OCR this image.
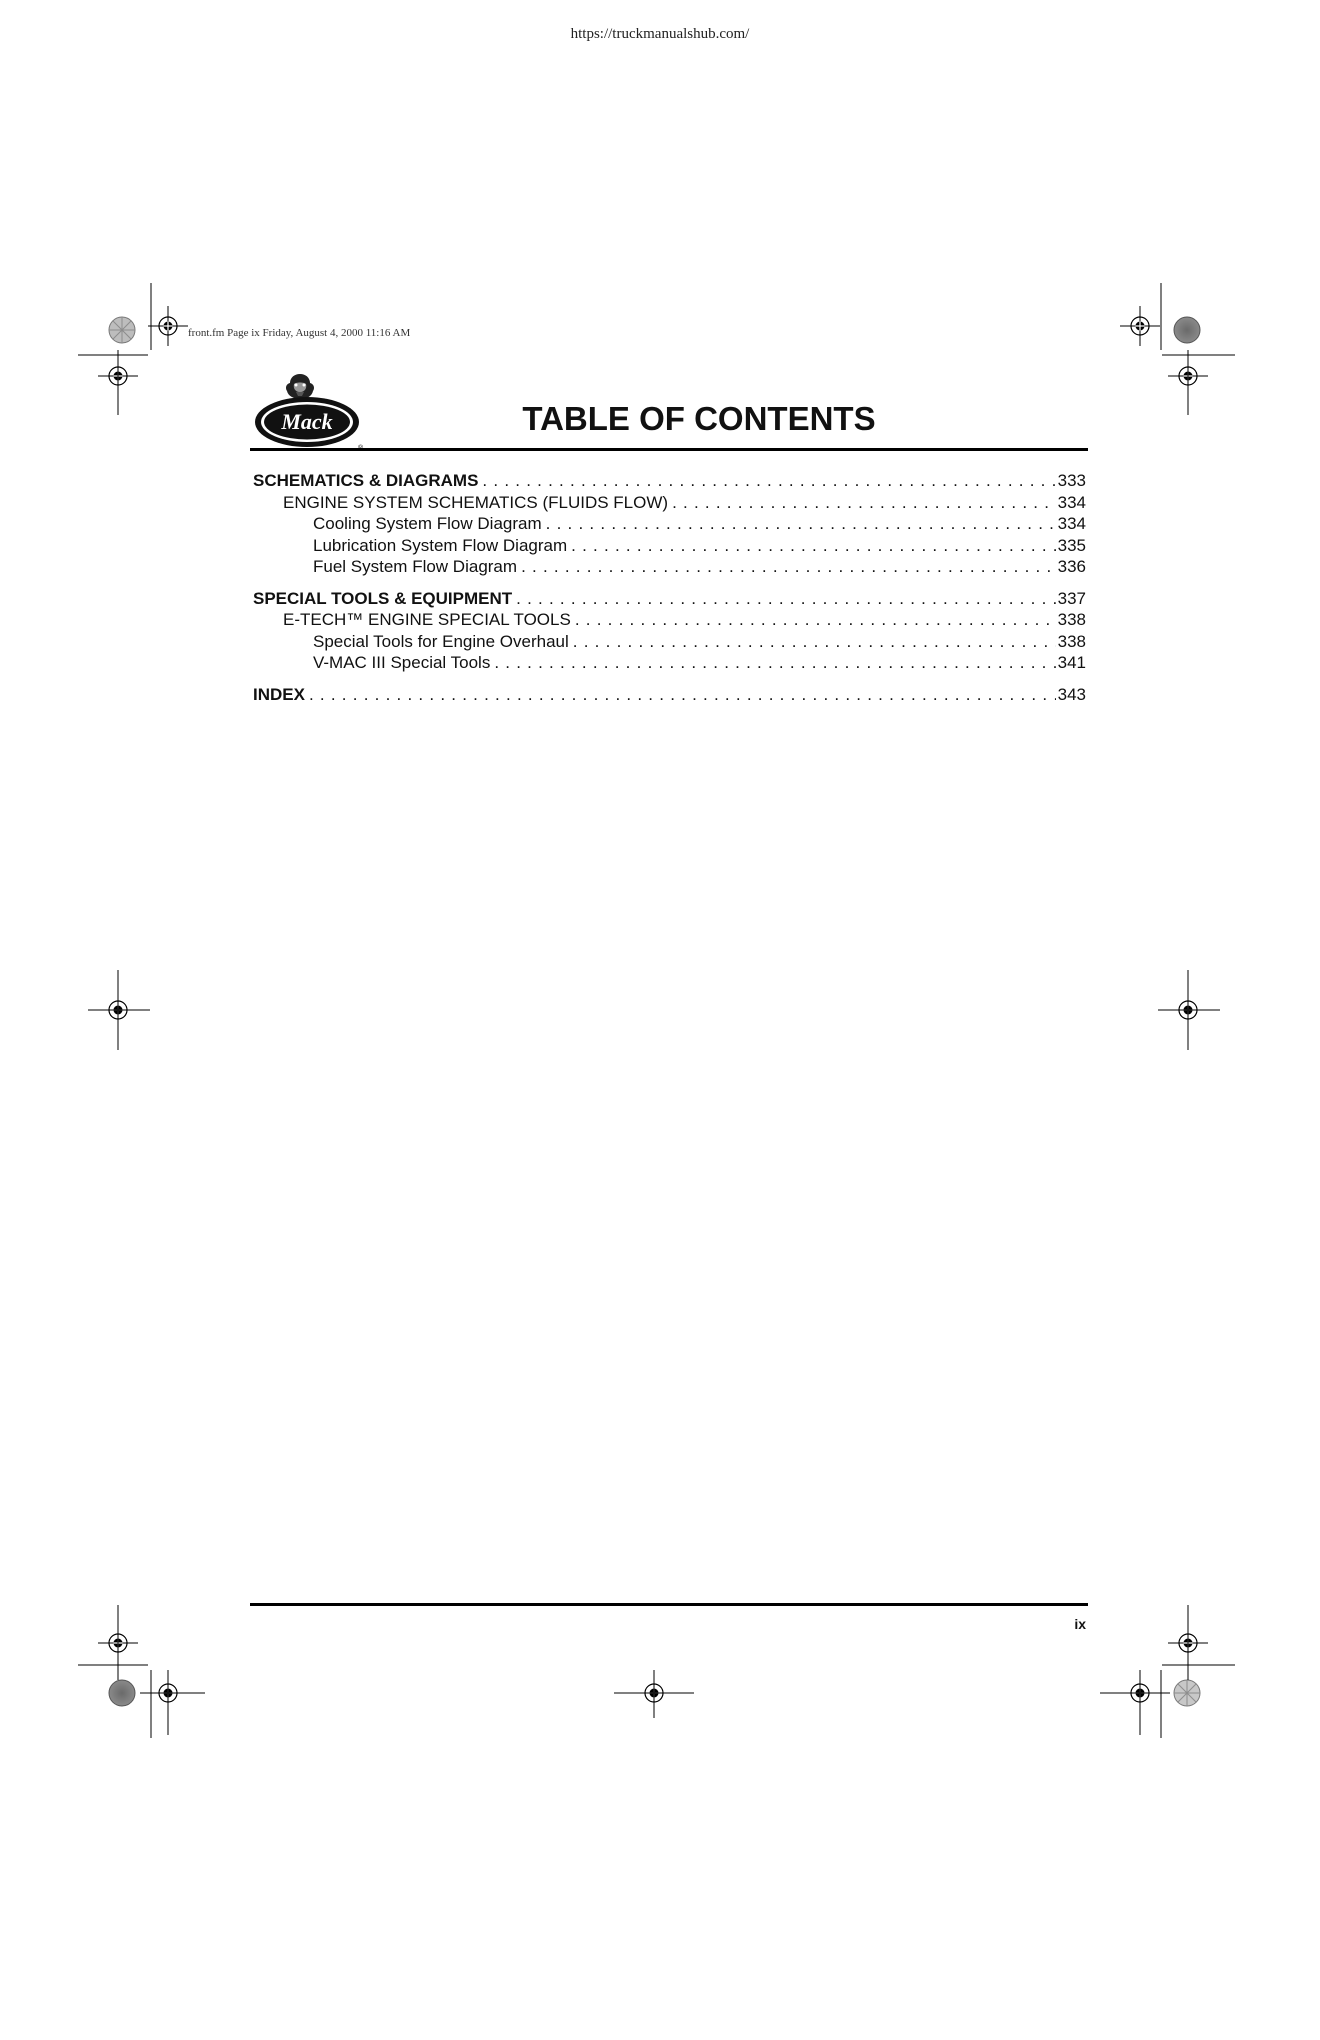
https://truckmanualshub.com/
front.fm Page ix Friday, August 4, 2000 11:16 AM
Mack	TABLE OF CONTENTS
SCHEMATICS & DIAGRAMS . . .	333
ENGINE SYSTEM SCHEMATICS (FLUIDS FLOW) . . .	334
Cooling System Flow Diagram . . .	334
Lubrication System Flow Diagram . . .	335
Fuel System Flow Diagram . . .	336
SPECIAL TOOLS & EQUIPMENT . . .	337
E-TECH™ ENGINE SPECIAL TOOLS . . .	338
Special Tools for Engine Overhaul . . .	338
V-MAC III Special Tools . . .	341
INDEX . . .	343
ix
